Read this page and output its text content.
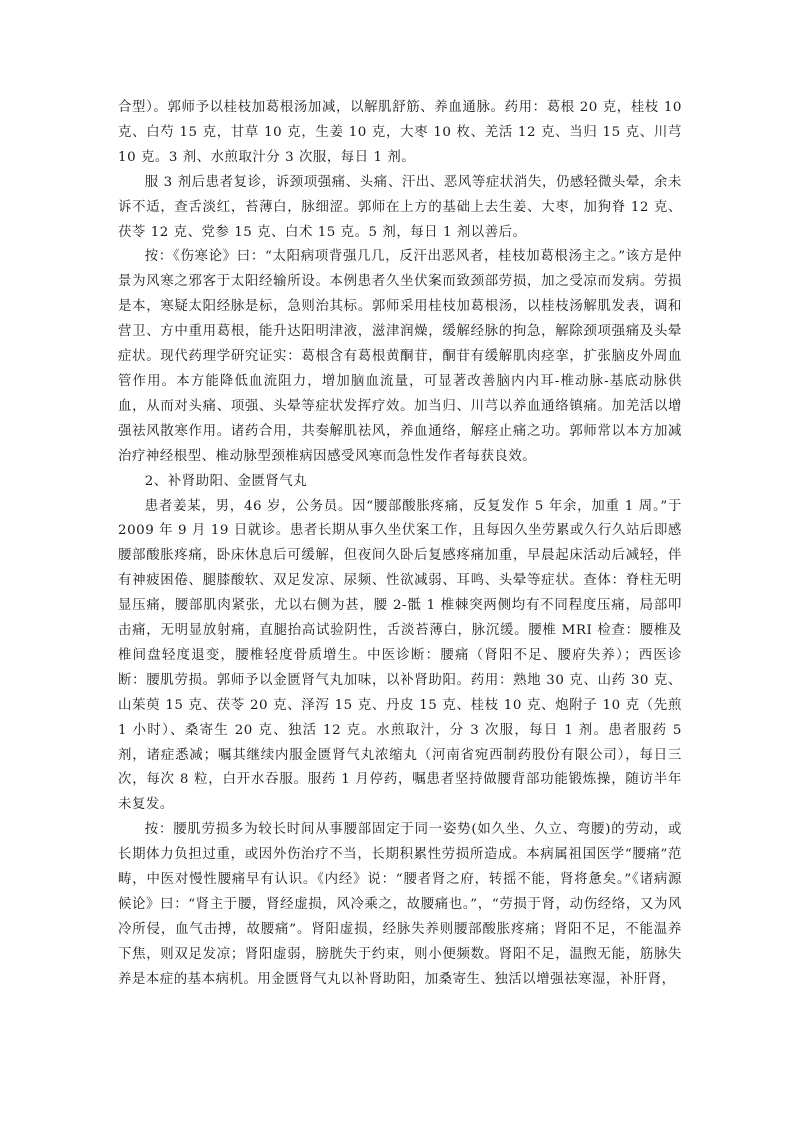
合型）。郭师予以桂枝加葛根汤加减，以解肌舒筋、养血通脉。药用：葛根 20 克，桂枝 10 克、白芍 15 克，甘草 10 克，生姜 10 克，大枣 10 枚、羌活 12 克、当归 15 克、川芎 10 克。3 剂、水煎取汁分 3 次服，每日 1 剂。

服 3 剂后患者复诊，诉颈项强痛、头痛、汗出、恶风等症状消失，仍感轻微头晕，余未诉不适，查舌淡红，苔薄白，脉细涩。郭师在上方的基础上去生姜、大枣，加狗脊 12 克、茯苓 12 克、党参 15 克、白术 15 克。5 剂，每日 1 剂以善后。

按：《伤寒论》曰：“太阳病项背强几几，反汗出恶风者，桂枝加葛根汤主之。”该方是仲景为风寒之邪客于太阳经输所设。本例患者久坐伏案而致颈部劳损，加之受凉而发病。劳损是本，寒疑太阳经脉是标，急则治其标。郭师采用桂枝加葛根汤，以桂枝汤解肌发表，调和营卫、方中重用葛根，能升达阳明津液，滋津润燥，缓解经脉的拘急，解除颈项强痛及头晕症状。现代药理学研究证实：葛根含有葛根黄酮苷，酮苷有缓解肌肉痉挛，扩张脑皮外周血管作用。本方能降低血流阻力，增加脑血流量，可显著改善脑内内耳-椎动脉-基底动脉供血，从而对头痛、项强、头晕等症状发挥疗效。加当归、川芎以养血通络镇痛。加羌活以增强祛风散寒作用。诸药合用，共奏解肌祛风，养血通络，解痉止痛之功。郭师常以本方加减治疗神经根型、椎动脉型颈椎病因感受风寒而急性发作者每获良效。

2、补肾助阳、金匮肾气丸

患者姜某，男，46 岁，公务员。因“腰部酸胀疼痛，反复发作 5 年余，加重 1 周。”于 2009 年 9 月 19 日就诊。患者长期从事久坐伏案工作，且每因久坐劳累或久行久站后即感腰部酸胀疼痛，卧床休息后可缓解，但夜间久卧后复感疼痛加重，早晨起床活动后减轻，伴有神疲困倦、腿膝酸软、双足发凉、尿频、性欲减弱、耳鸣、头晕等症状。查体：脊柱无明显压痛，腰部肌肉紧张，尤以右侧为甚，腰 2-骶 1 椎棘突两侧均有不同程度压痛，局部叩击痛，无明显放射痛，直腿抬高试验阴性，舌淡苔薄白，脉沉缓。腰椎 MRI 检查：腰椎及椎间盘轻度退变，腰椎轻度骨质增生。中医诊断：腰痛（肾阳不足、腰府失养）；西医诊断：腰肌劳损。郭师予以金匮肾气丸加味，以补肾助阳。药用：熟地 30 克、山药 30 克、山茱萸 15 克、茯苓 20 克、泽泻 15 克、丹皮 15 克、桂枝 10 克、炮附子 10 克（先煎 1 小时）、桑寄生 20 克、独活 12 克。水煎取汁，分 3 次服，每日 1 剂。患者服药 5 剂，诸症悉减；嘱其继续内服金匮肾气丸浓缩丸（河南省宛西制药股份有限公司），每日三次，每次 8 粒，白开水吞服。服药 1 月停药，嘱患者坚持做腰背部功能锻炼操，随访半年未复发。

按：腰肌劳损多为较长时间从事腰部固定于同一姿势(如久坐、久立、弯腰)的劳动，或长期体力负担过重，或因外伤治疗不当，长期积累性劳损所造成。本病属祖国医学“腰痛”范畴，中医对慢性腰痛早有认识。《内经》说：“腰者肾之府，转摇不能，肾将惫矣。”《诸病源候论》曰：“肾主于腰，肾经虚损，风冷乘之，故腰痛也。”，“劳损于肾，动伤经络，又为风冷所侵，血气击搏，故腰痛”。肾阳虚损，经脉失养则腰部酸胀疼痛；肾阳不足，不能温养下焦，则双足发凉；肾阳虚弱，膀胱失于约束，则小便频数。肾阳不足，温煦无能，筋脉失养是本症的基本病机。用金匮肾气丸以补肾助阳，加桑寄生、独活以增强祛寒湿，补肝肾，
